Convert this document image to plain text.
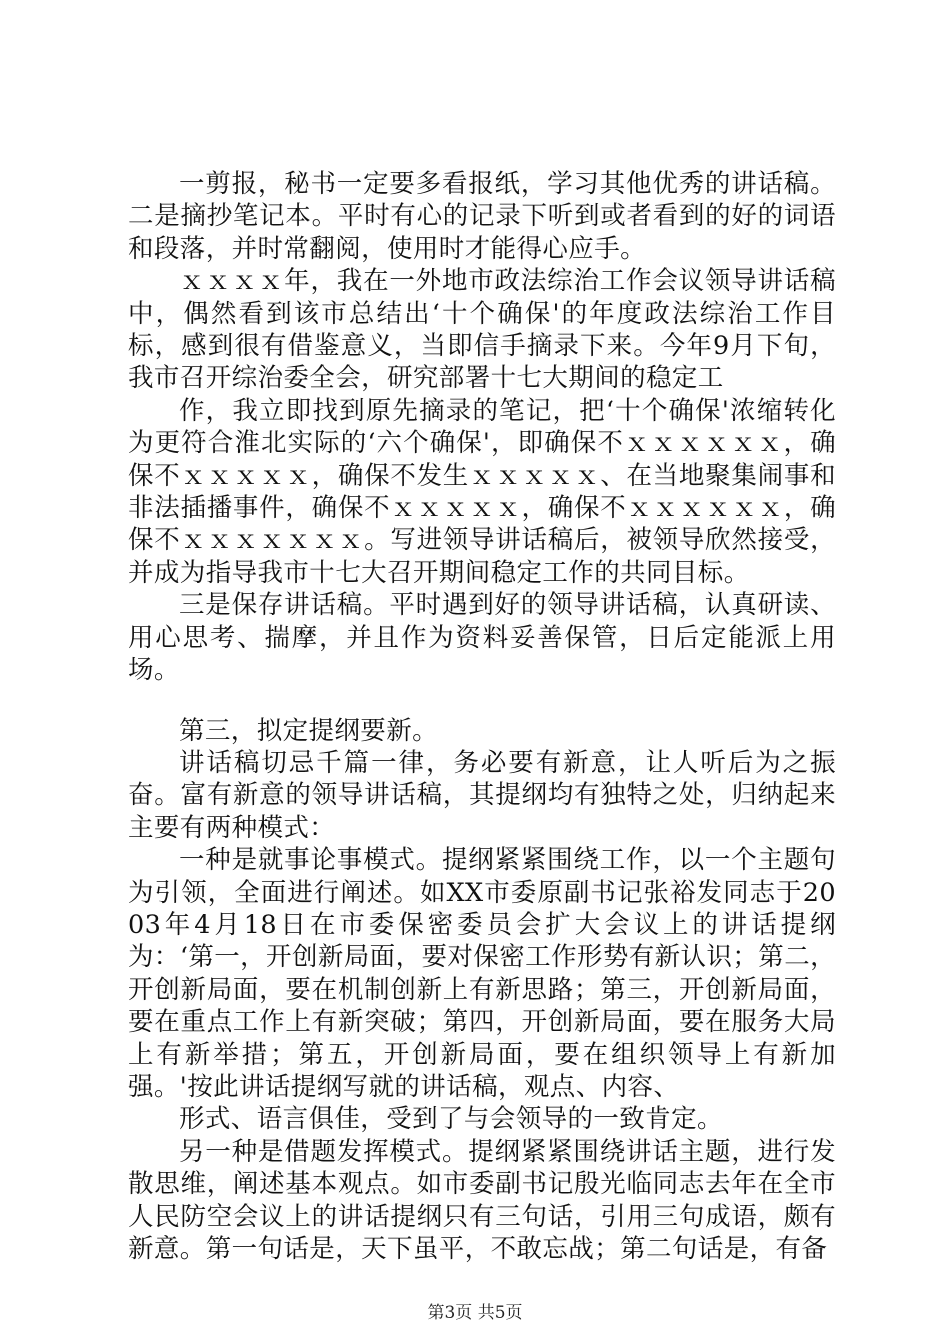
一剪报，秘书一定要多看报纸，学习其他优秀的讲话稿。二是摘抄笔记本。平时有心的记录下听到或者看到的好的词语和段落，并时常翻阅，使用时才能得心应手。

ｘｘｘｘ年，我在一外地市政法综治工作会议领导讲话稿中，偶然看到该市总结出‘十个确保'的年度政法综治工作目标，感到很有借鉴意义，当即信手摘录下来。今年9月下旬，我市召开综治委全会，研究部署十七大期间的稳定工

作，我立即找到原先摘录的笔记，把‘十个确保'浓缩转化为更符合淮北实际的‘六个确保'，即确保不ｘｘｘｘｘｘ，确保不ｘｘｘｘｘ，确保不发生ｘｘｘｘｘ、在当地聚集闹事和非法插播事件，确保不ｘｘｘｘｘ，确保不ｘｘｘｘｘｘ，确保不ｘｘｘｘｘｘｘ。写进领导讲话稿后，被领导欣然接受，并成为指导我市十七大召开期间稳定工作的共同目标。

三是保存讲话稿。平时遇到好的领导讲话稿，认真研读、用心思考、揣摩，并且作为资料妥善保管，日后定能派上用场。

第三，拟定提纲要新。

讲话稿切忌千篇一律，务必要有新意，让人听后为之振奋。富有新意的领导讲话稿，其提纲均有独特之处，归纳起来主要有两种模式：

一种是就事论事模式。提纲紧紧围绕工作，以一个主题句为引领，全面进行阐述。如XX市委原副书记张裕发同志于2003年4月18日在市委保密委员会扩大会议上的讲话提纲为：‘第一，开创新局面，要对保密工作形势有新认识；第二，开创新局面，要在机制创新上有新思路；第三，开创新局面，要在重点工作上有新突破；第四，开创新局面，要在服务大局上有新举措；第五，开创新局面，要在组织领导上有新加强。'按此讲话提纲写就的讲话稿，观点、内容、

形式、语言俱佳，受到了与会领导的一致肯定。

另一种是借题发挥模式。提纲紧紧围绕讲话主题，进行发散思维，阐述基本观点。如市委副书记殷光临同志去年在全市人民防空会议上的讲话提纲只有三句话，引用三句成语，颇有新意。第一句话是，天下虽平，不敢忘战；第二句话是，有备

第3页 共5页
